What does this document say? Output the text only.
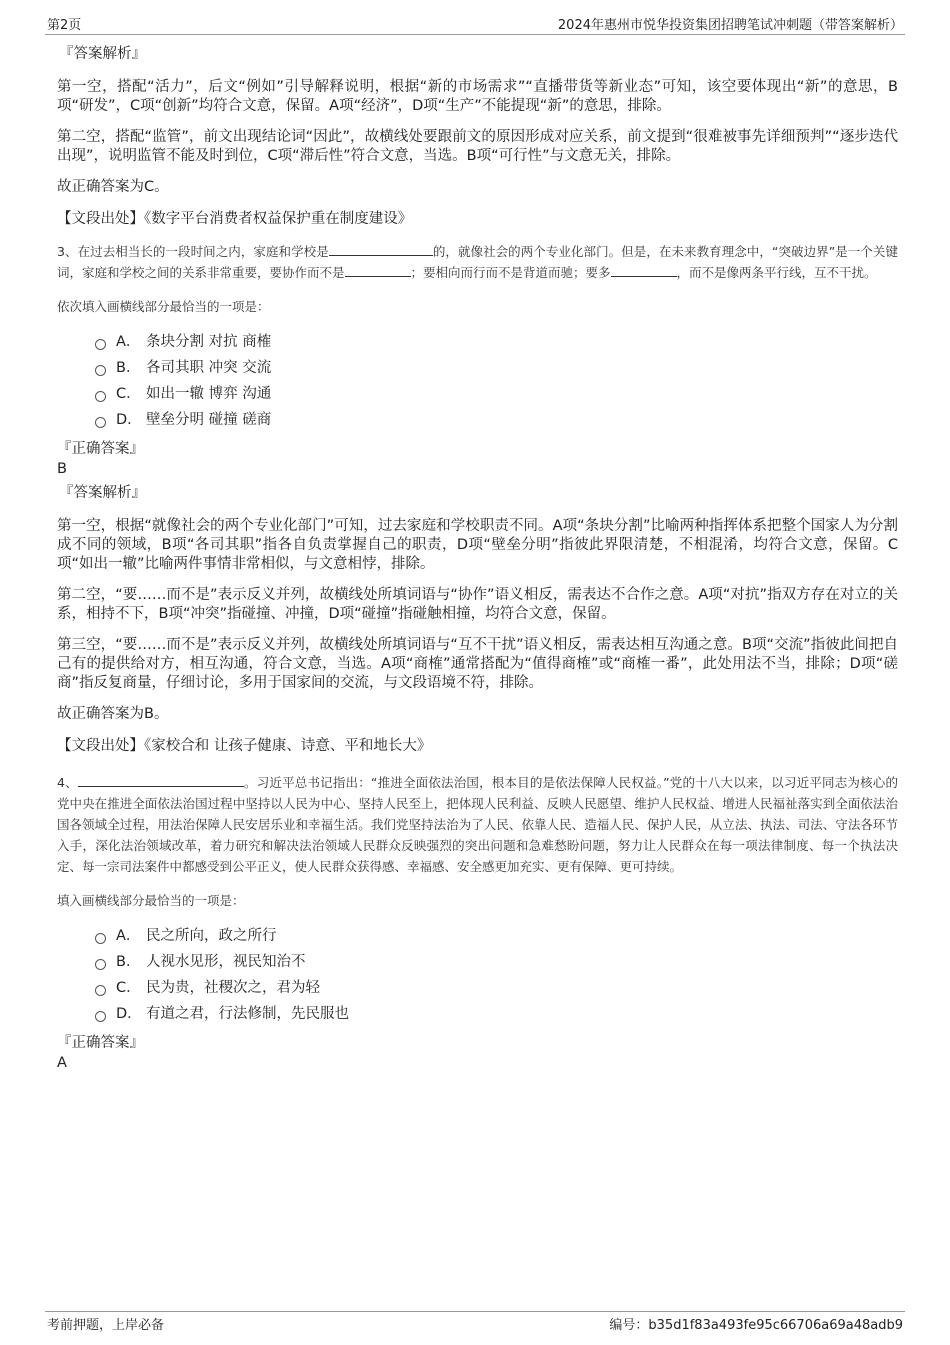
第2页	2024年惠州市悦华投资集团招聘笔试冲刺题（带答案解析）
『答案解析』

第一空，搭配“活力”，后文“例如”引导解释说明，根据“新的市场需求”“直播带货等新业态”可知，该空要体现出“新”的意思，B项“研发”，C项“创新”均符合文意，保留。A项“经济”，D项“生产”不能提现“新”的意思，排除。

第二空，搭配“监管”，前文出现结论词“因此”，故横线处要跟前文的原因形成对应关系，前文提到“很难被事先详细预判”“逐步迭代出现”，说明监管不能及时到位，C项“滞后性”符合文意，当选。B项“可行性”与文意无关，排除。

故正确答案为C。

【文段出处】《数字平台消费者权益保护重在制度建设》
3、在过去相当长的一段时间之内，家庭和学校是	的，就像社会的两个专业化部门。但是，在未来教育理念中，“突破边界”是一个关键词，家庭和学校之间的关系非常重要，要协作而不是	；要相向而行而不是背道而驰；要多	，而不是像两条平行线，互不干扰。
依次填入画横线部分最恰当的一项是：
A． 条块分割 对抗 商榷
B． 各司其职 冲突 交流
C． 如出一辙 博弈 沟通
D． 壁垒分明 碰撞 磋商
『正确答案』
B
『答案解析』

第一空，根据“就像社会的两个专业化部门”可知，过去家庭和学校职责不同。A项“条块分割”比喻两种指挥体系把整个国家人为分割成不同的领域，B项“各司其职”指各自负责掌握自己的职责，D项“壁垒分明”指彼此界限清楚，不相混淆，均符合文意，保留。C项“如出一辙”比喻两件事情非常相似，与文意相悖，排除。

第二空，“要……而不是”表示反义并列，故横线处所填词语与“协作”语义相反，需表达不合作之意。A项“对抗”指双方存在对立的关系，相持不下，B项“冲突”指碰撞、冲撞，D项“碰撞”指碰触相撞，均符合文意，保留。

第三空，“要……而不是”表示反义并列，故横线处所填词语与“互不干扰”语义相反，需表达相互沟通之意。B项“交流”指彼此间把自己有的提供给对方，相互沟通，符合文意，当选。A项“商榷”通常搭配为“值得商榷”或“商榷一番”，此处用法不当，排除；D项“磋商”指反复商量，仔细讨论，多用于国家间的交流，与文段语境不符，排除。

故正确答案为B。

【文段出处】《家校合和 让孩子健康、诗意、平和地长大》
4、	。习近平总书记指出：“推进全面依法治国，根本目的是依法保障人民权益。”党的十八大以来，以习近平同志为核心的党中央在推进全面依法治国过程中坚持以人民为中心、坚持人民至上，把体现人民利益、反映人民愿望、维护人民权益、增进人民福祉落实到全面依法治国各领域全过程，用法治保障人民安居乐业和幸福生活。我们党坚持法治为了人民、依靠人民、造福人民、保护人民，从立法、执法、司法、守法各环节入手，深化法治领域改革，着力研究和解决法治领域人民群众反映强烈的突出问题和急难愁盼问题，努力让人民群众在每一项法律制度、每一个执法决定、每一宗司法案件中都感受到公平正义，使人民群众获得感、幸福感、安全感更加充实、更有保障、更可持续。
填入画横线部分最恰当的一项是：
A． 民之所向，政之所行
B． 人视水见形，视民知治不
C． 民为贵，社稷次之，君为轻
D． 有道之君，行法修制，先民服也
『正确答案』
A
考前押题，上岸必备	编号：b35d1f83a493fe95c66706a69a48adb9
